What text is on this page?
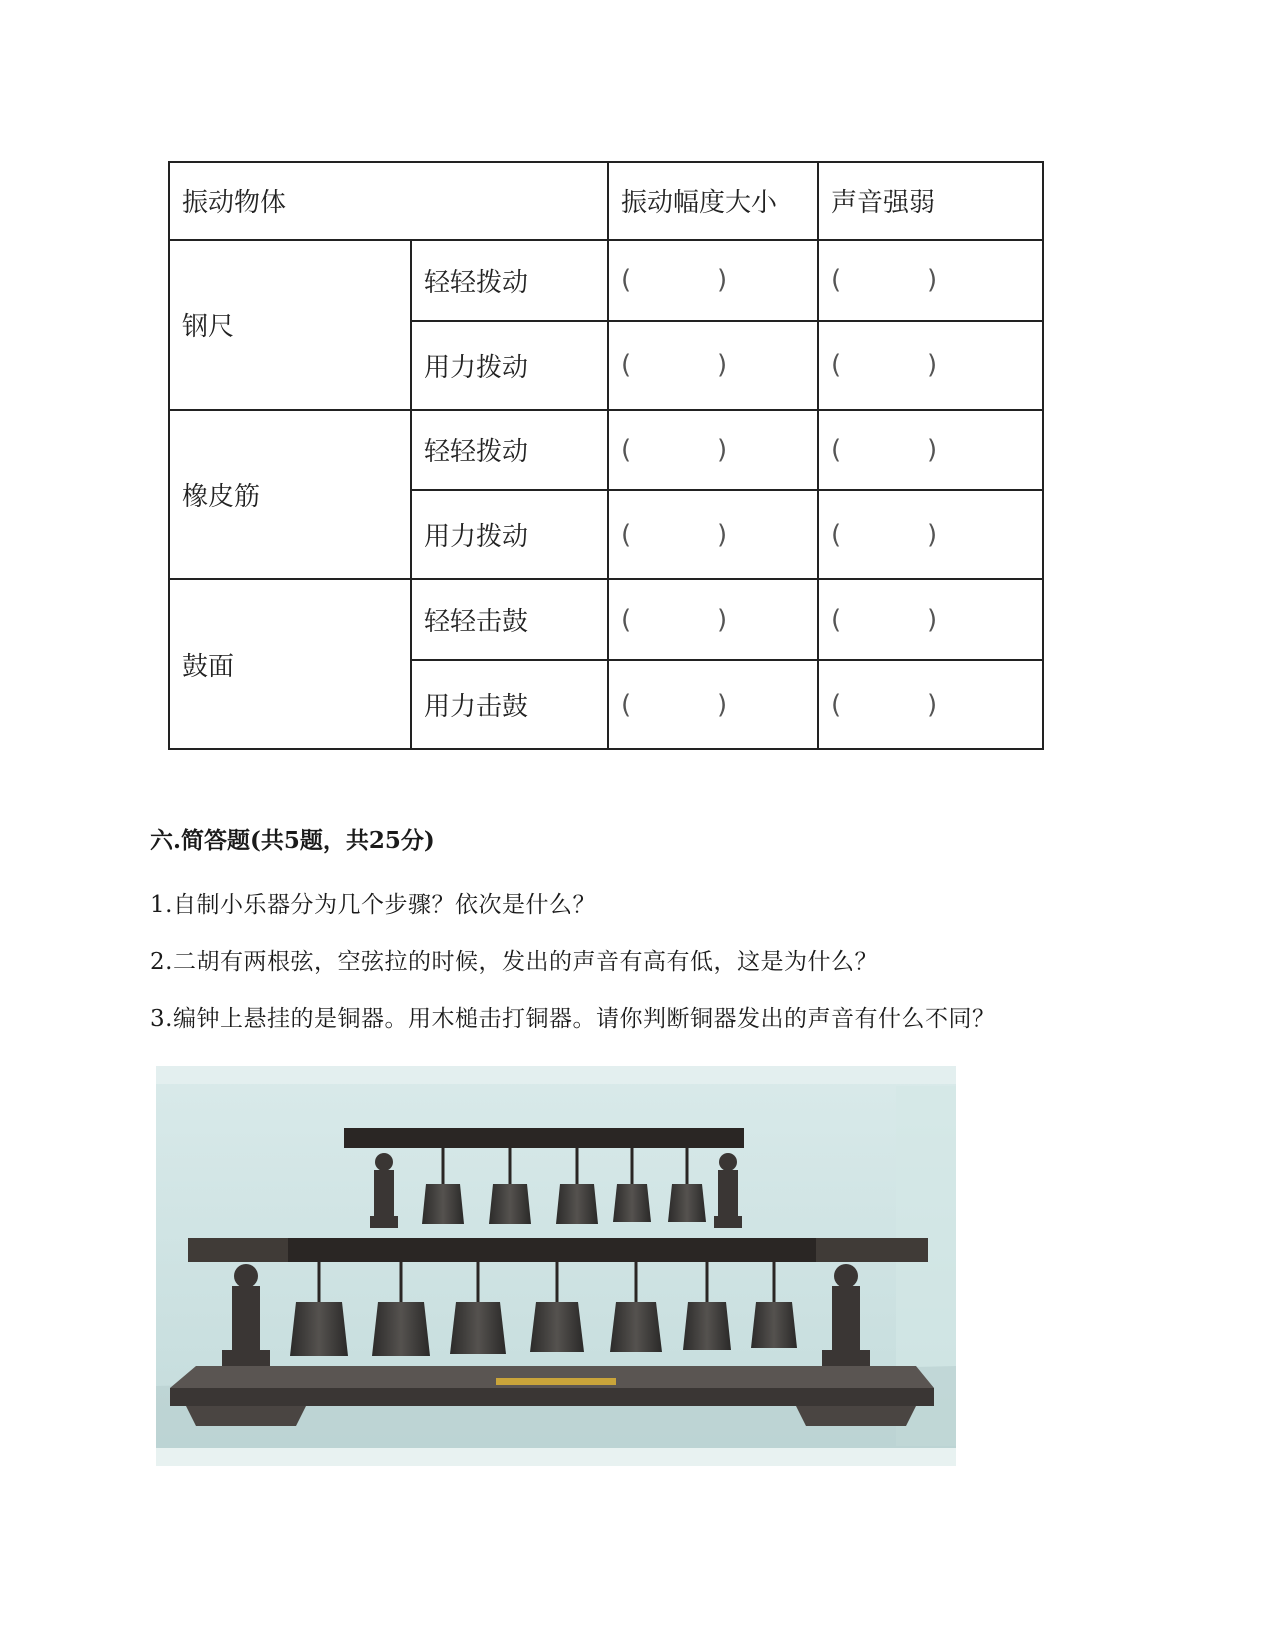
振动物体		振动幅度大小	声音强弱
钢尺	轻轻拨动	( )	( )
	用力拨动	( )	( )
橡皮筋	轻轻拨动	( )	( )
	用力拨动	( )	( )
鼓面	轻轻击鼓	( )	( )
	用力击鼓	( )	( )
六.简答题(共5题，共25分)

1.自制小乐器分为几个步骤？依次是什么？

2.二胡有两根弦，空弦拉的时候，发出的声音有高有低，这是为什么？

3.编钟上悬挂的是铜器。用木槌击打铜器。请你判断铜器发出的声音有什么不同？
